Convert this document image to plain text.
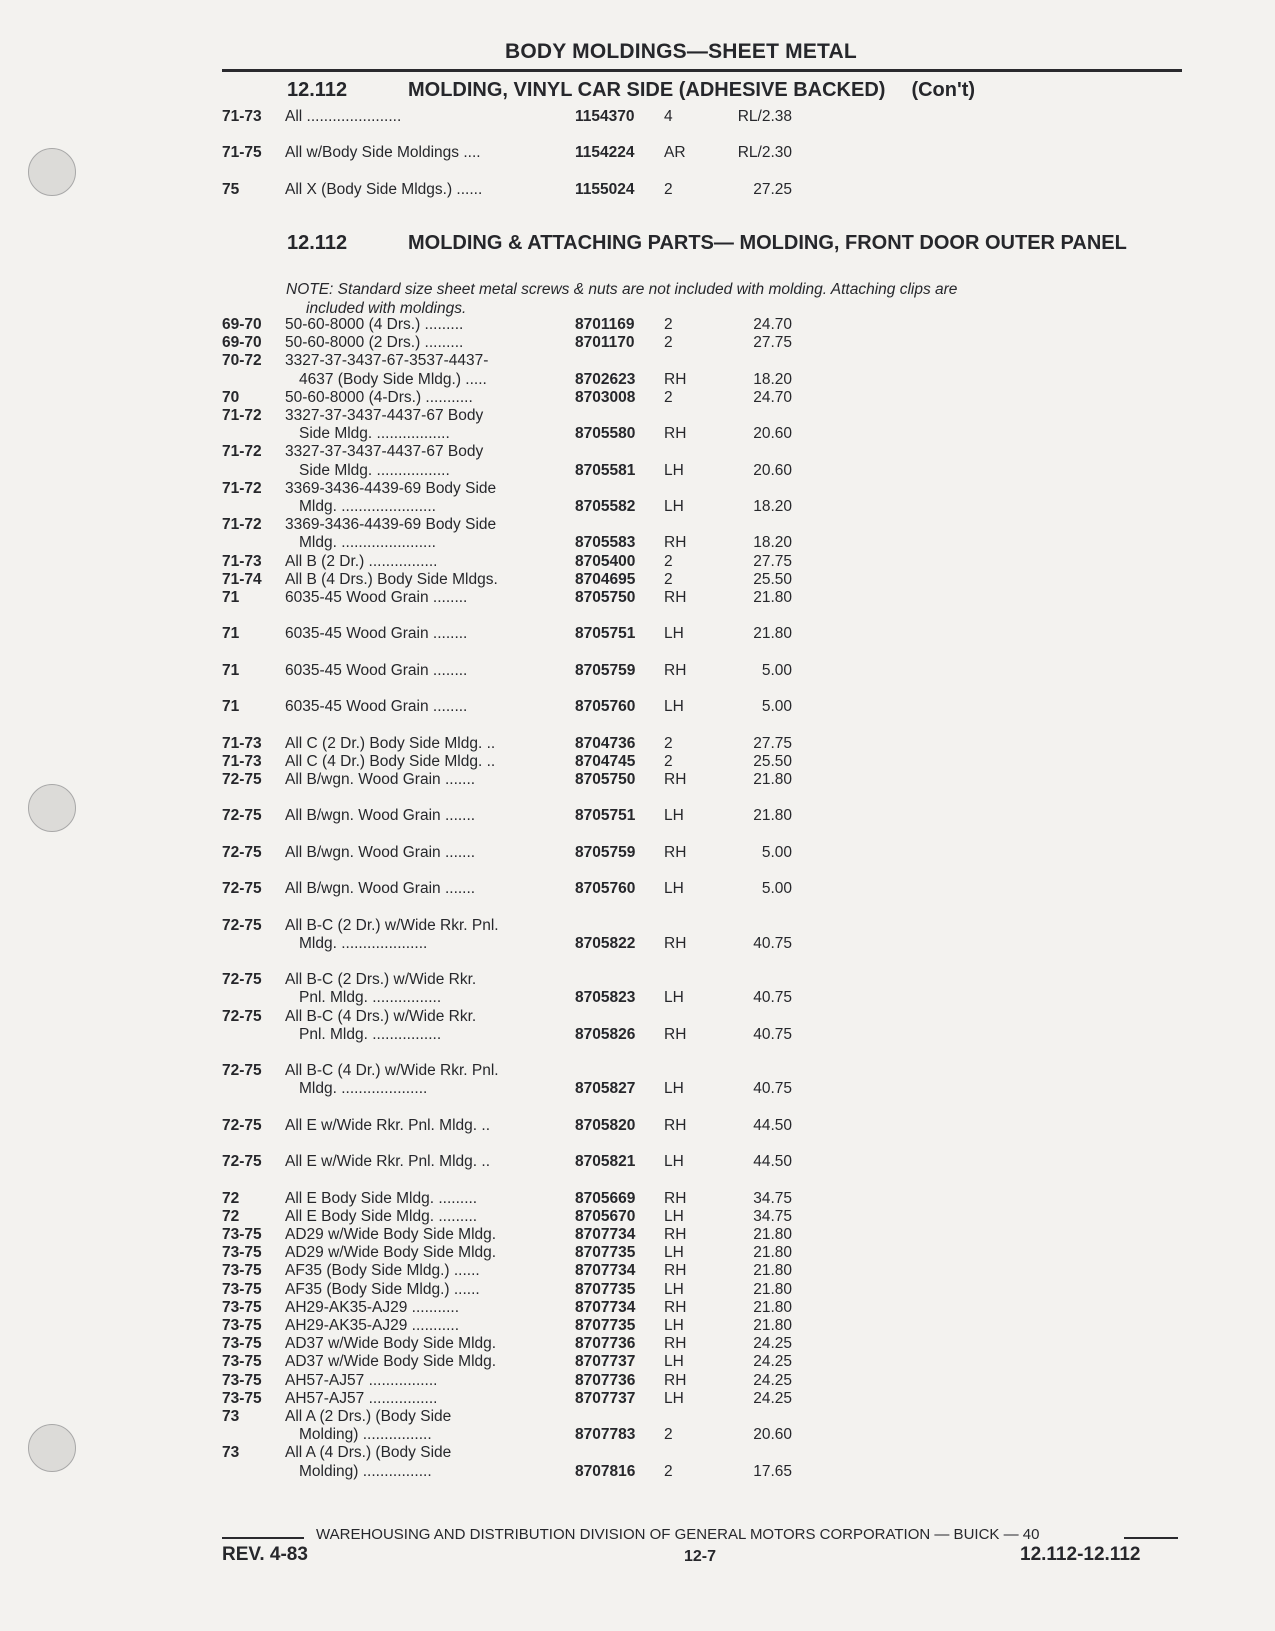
BODY MOLDINGS—SHEET METAL
12.112	MOLDING, VINYL CAR SIDE (ADHESIVE BACKED) (Con't)
71-73	All ......................	1154370	4	RL/2.38
71-75	All w/Body Side Moldings ....	1154224	AR	RL/2.30
75	All X (Body Side Mldgs.) ......	1155024	2	27.25
12.112	MOLDING & ATTACHING PARTS— MOLDING, FRONT DOOR OUTER PANEL
NOTE: Standard size sheet metal screws & nuts are not included with molding. Attaching clips are
included with moldings.
69-70	50-60-8000 (4 Drs.) .........	8701169	2	24.70
69-70	50-60-8000 (2 Drs.) .........	8701170	2	27.75
70-72	3327-37-3437-67-3537-4437-
4637 (Body Side Mldg.) .....	8702623	RH	18.20
70	50-60-8000 (4-Drs.) ...........	8703008	2	24.70
71-72	3327-37-3437-4437-67 Body
Side Mldg. .................	8705580	RH	20.60
71-72	3327-37-3437-4437-67 Body
Side Mldg. .................	8705581	LH	20.60
71-72	3369-3436-4439-69 Body Side
Mldg. ......................	8705582	LH	18.20
71-72	3369-3436-4439-69 Body Side
Mldg. ......................	8705583	RH	18.20
71-73	All B (2 Dr.) ................	8705400	2	27.75
71-74	All B (4 Drs.) Body Side Mldgs.	8704695	2	25.50
71	6035-45 Wood Grain ........	8705750	RH	21.80
71	6035-45 Wood Grain ........	8705751	LH	21.80
71	6035-45 Wood Grain ........	8705759	RH	5.00
71	6035-45 Wood Grain ........	8705760	LH	5.00
71-73	All C (2 Dr.) Body Side Mldg. ..	8704736	2	27.75
71-73	All C (4 Dr.) Body Side Mldg. ..	8704745	2	25.50
72-75	All B/wgn. Wood Grain .......	8705750	RH	21.80
72-75	All B/wgn. Wood Grain .......	8705751	LH	21.80
72-75	All B/wgn. Wood Grain .......	8705759	RH	5.00
72-75	All B/wgn. Wood Grain .......	8705760	LH	5.00
72-75	All B-C (2 Dr.) w/Wide Rkr. Pnl.
Mldg. ....................	8705822	RH	40.75
72-75	All B-C (2 Drs.) w/Wide Rkr.
Pnl. Mldg. ................	8705823	LH	40.75
72-75	All B-C (4 Drs.) w/Wide Rkr.
Pnl. Mldg. ................	8705826	RH	40.75
72-75	All B-C (4 Dr.) w/Wide Rkr. Pnl.
Mldg. ....................	8705827	LH	40.75
72-75	All E w/Wide Rkr. Pnl. Mldg. ..	8705820	RH	44.50
72-75	All E w/Wide Rkr. Pnl. Mldg. ..	8705821	LH	44.50
72	All E Body Side Mldg. .........	8705669	RH	34.75
72	All E Body Side Mldg. .........	8705670	LH	34.75
73-75	AD29 w/Wide Body Side Mldg.	8707734	RH	21.80
73-75	AD29 w/Wide Body Side Mldg.	8707735	LH	21.80
73-75	AF35 (Body Side Mldg.) ......	8707734	RH	21.80
73-75	AF35 (Body Side Mldg.) ......	8707735	LH	21.80
73-75	AH29-AK35-AJ29 ...........	8707734	RH	21.80
73-75	AH29-AK35-AJ29 ...........	8707735	LH	21.80
73-75	AD37 w/Wide Body Side Mldg.	8707736	RH	24.25
73-75	AD37 w/Wide Body Side Mldg.	8707737	LH	24.25
73-75	AH57-AJ57 ................	8707736	RH	24.25
73-75	AH57-AJ57 ................	8707737	LH	24.25
73	All A (2 Drs.) (Body Side
Molding) ................	8707783	2	20.60
73	All A (4 Drs.) (Body Side
Molding) ................	8707816	2	17.65
WAREHOUSING AND DISTRIBUTION DIVISION OF GENERAL MOTORS CORPORATION — BUICK — 40
REV. 4-83	12-7	12.112-12.112
